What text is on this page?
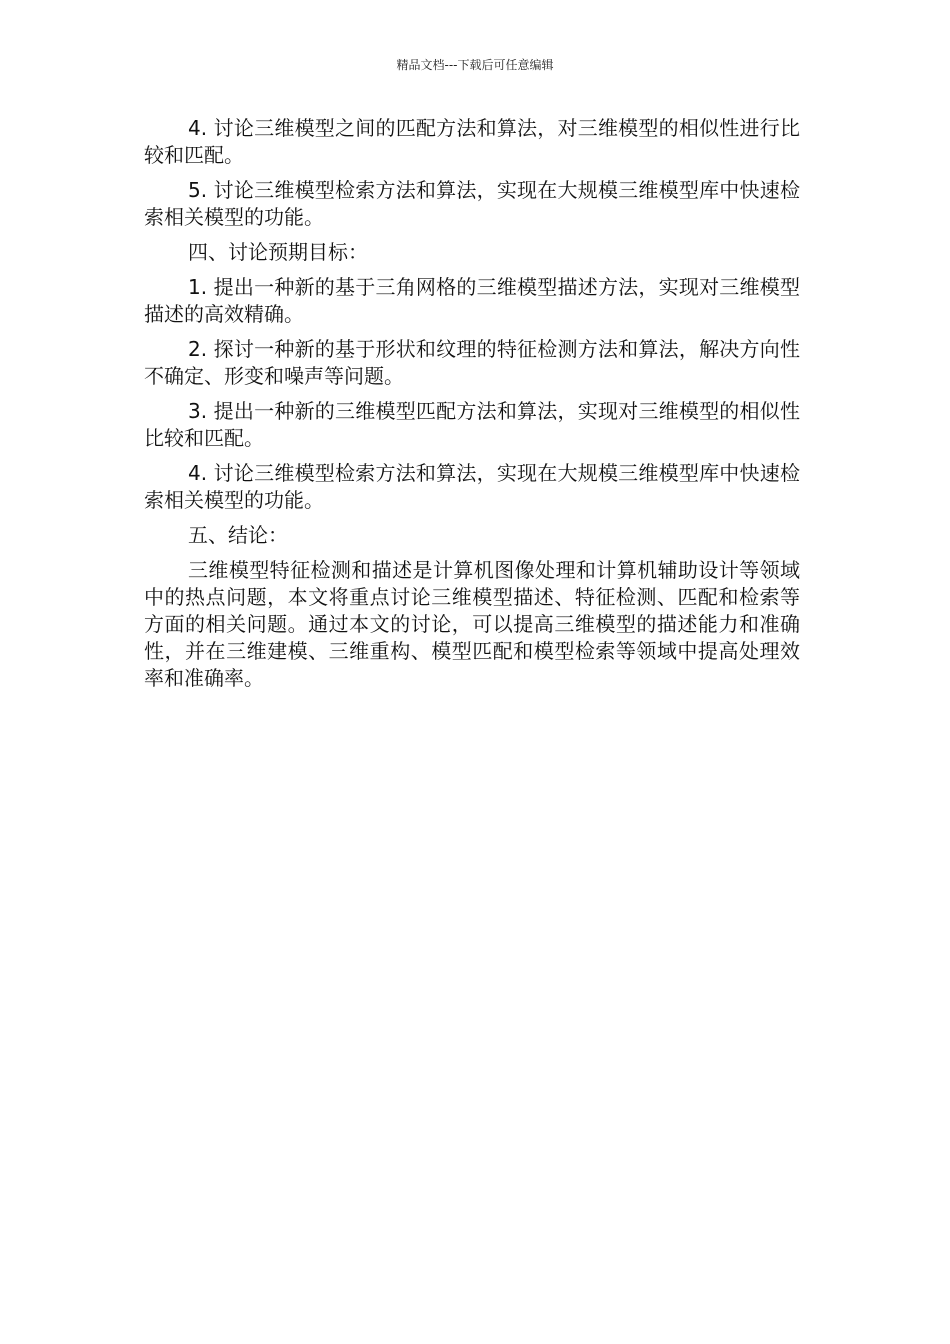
精品文档---下载后可任意编辑

4. 讨论三维模型之间的匹配方法和算法，对三维模型的相似性进行比较和匹配。

5. 讨论三维模型检索方法和算法，实现在大规模三维模型库中快速检索相关模型的功能。

四、讨论预期目标：

1. 提出一种新的基于三角网格的三维模型描述方法，实现对三维模型描述的高效精确。

2. 探讨一种新的基于形状和纹理的特征检测方法和算法，解决方向性不确定、形变和噪声等问题。

3. 提出一种新的三维模型匹配方法和算法，实现对三维模型的相似性比较和匹配。

4. 讨论三维模型检索方法和算法，实现在大规模三维模型库中快速检索相关模型的功能。

五、结论：

三维模型特征检测和描述是计算机图像处理和计算机辅助设计等领域中的热点问题，本文将重点讨论三维模型描述、特征检测、匹配和检索等方面的相关问题。通过本文的讨论，可以提高三维模型的描述能力和准确性，并在三维建模、三维重构、模型匹配和模型检索等领域中提高处理效率和准确率。
